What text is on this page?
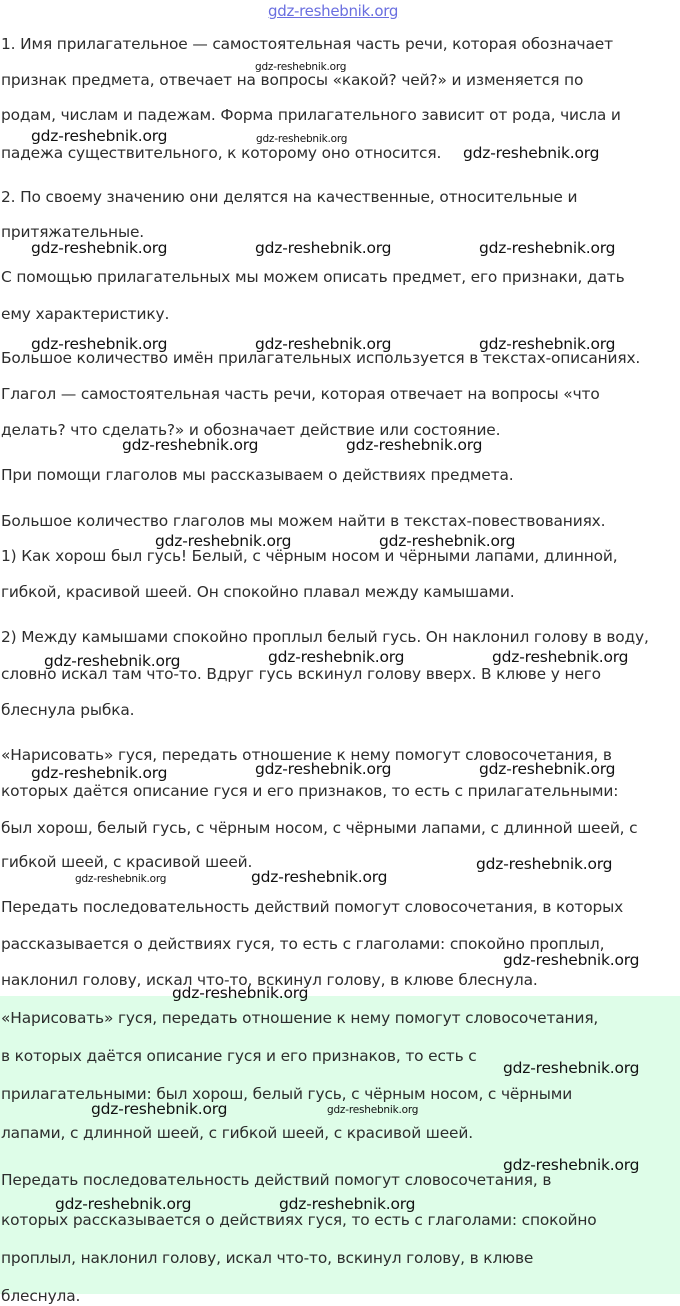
gdz-reshebnik.org

1. Имя прилагательное — самостоятельная часть речи, которая обозначает

признак предмета, отвечает на вопросы «какой? чей?» и изменяется по

родам, числам и падежам. Форма прилагательного зависит от рода, числа и

падежа существительного, к которому оно относится.

2. По своему значению они делятся на качественные, относительные и

притяжательные.

С помощью прилагательных мы можем описать предмет, его признаки, дать

ему характеристику.

Большое количество имён прилагательных используется в текстах-описаниях.

Глагол — самостоятельная часть речи, которая отвечает на вопросы «что

делать? что сделать?» и обозначает действие или состояние.

При помощи глаголов мы рассказываем о действиях предмета.

Большое количество глаголов мы можем найти в текстах-повествованиях.

1) Как хорош был гусь! Белый, с чёрным носом и чёрными лапами, длинной,

гибкой, красивой шеей. Он спокойно плавал между камышами.

2) Между камышами спокойно проплыл белый гусь. Он наклонил голову в воду,

словно искал там что-то. Вдруг гусь вскинул голову вверх. В клюве у него

блеснула рыбка.

«Нарисовать» гуся, передать отношение к нему помогут словосочетания, в

которых даётся описание гуся и его признаков, то есть с прилагательными:

был хорош, белый гусь, с чёрным носом, с чёрными лапами, с длинной шеей, с

гибкой шеей, с красивой шеей.

Передать последовательность действий помогут словосочетания, в которых

рассказывается о действиях гуся, то есть с глаголами: спокойно проплыл,

наклонил голову, искал что-то, вскинул голову, в клюве блеснула.

«Нарисовать» гуся, передать отношение к нему помогут словосочетания,

в которых даётся описание гуся и его признаков, то есть с

прилагательными: был хорош, белый гусь, с чёрным носом, с чёрными

лапами, с длинной шеей, с гибкой шеей, с красивой шеей.

Передать последовательность действий помогут словосочетания, в

которых рассказывается о действиях гуся, то есть с глаголами: спокойно

проплыл, наклонил голову, искал что-то, вскинул голову, в клюве

блеснула.

gdz-reshebnik.org

gdz-reshebnik.org	gdz-reshebnik.org

gdz-reshebnik.org

gdz-reshebnik.org	gdz-reshebnik.org	gdz-reshebnik.org

gdz-reshebnik.org	gdz-reshebnik.org	gdz-reshebnik.org

gdz-reshebnik.org	gdz-reshebnik.org

gdz-reshebnik.org	gdz-reshebnik.org

gdz-reshebnik.org	gdz-reshebnik.org	gdz-reshebnik.org

gdz-reshebnik.org	gdz-reshebnik.org	gdz-reshebnik.org

gdz-reshebnik.org

gdz-reshebnik.org	gdz-reshebnik.org

gdz-reshebnik.org

gdz-reshebnik.org

gdz-reshebnik.org

gdz-reshebnik.org	gdz-reshebnik.org

gdz-reshebnik.org

gdz-reshebnik.org	gdz-reshebnik.org
